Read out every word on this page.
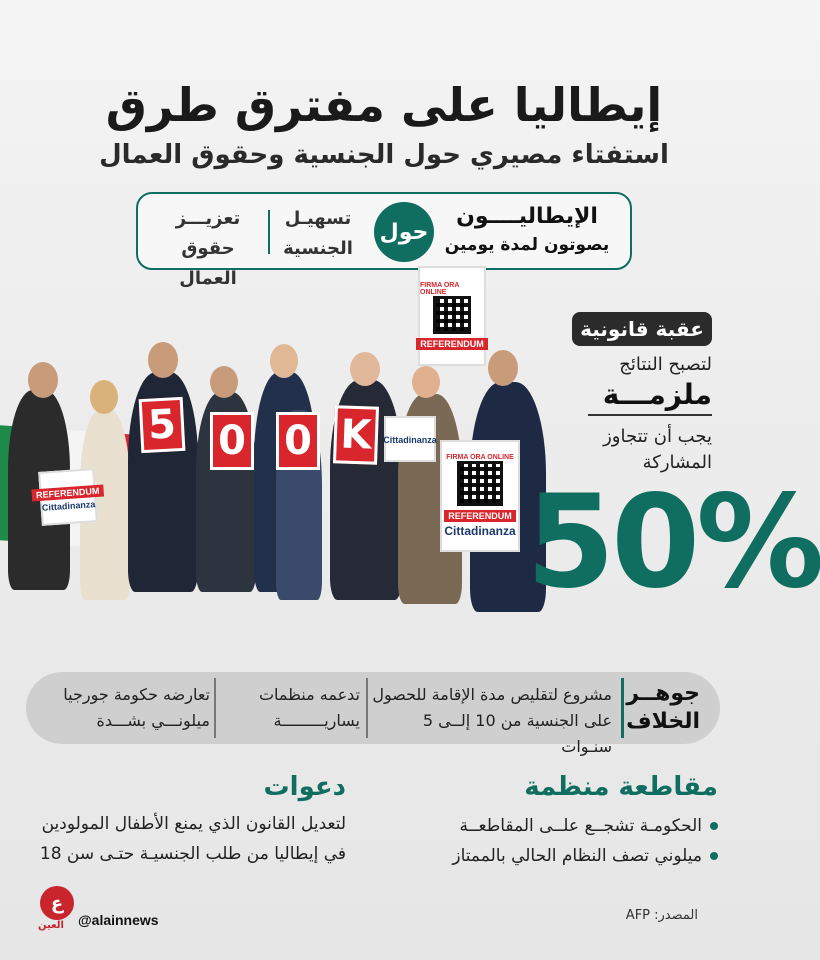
إيطاليا على مفترق طرق
استفتاء مصيري حول الجنسية وحقوق العمال
الإيطاليــــون
يصوتون لمدة يومين
حول
تسهيـل
الجنسية
تعزيـــز
حقوق العمال
5 0 0 K
FIRMA ORA ONLINE
REFERENDUM
Cittadinanza
FIRMA ORA ONLINE
REFERENDUM
Cittadinanza
REFERENDUM
Cittadinanza
عقبة قانونية
لتصبح النتائج
ملزمـــة
يجب أن تتجاوز
المشاركة
50%
جوهــر
الخلاف
مشروع لتقليص مدة الإقامة للحصول
على الجنسية من 10 إلــى 5 سنـوات
تدعمه منظمات
يساريـــــــــة
تعارضه حكومة جورجيا
ميلونـــي بشـــدة
مقاطعة منظمة
الحكومـة تشجــع علــى المقاطعــة
ميلوني تصف النظام الحالي بالممتاز
دعوات
لتعديل القانون الذي يمنع الأطفال المولودين
في إيطاليا من طلب الجنسيـة حتـى سن 18
ع
العين @alainnews	المصدر: AFP
